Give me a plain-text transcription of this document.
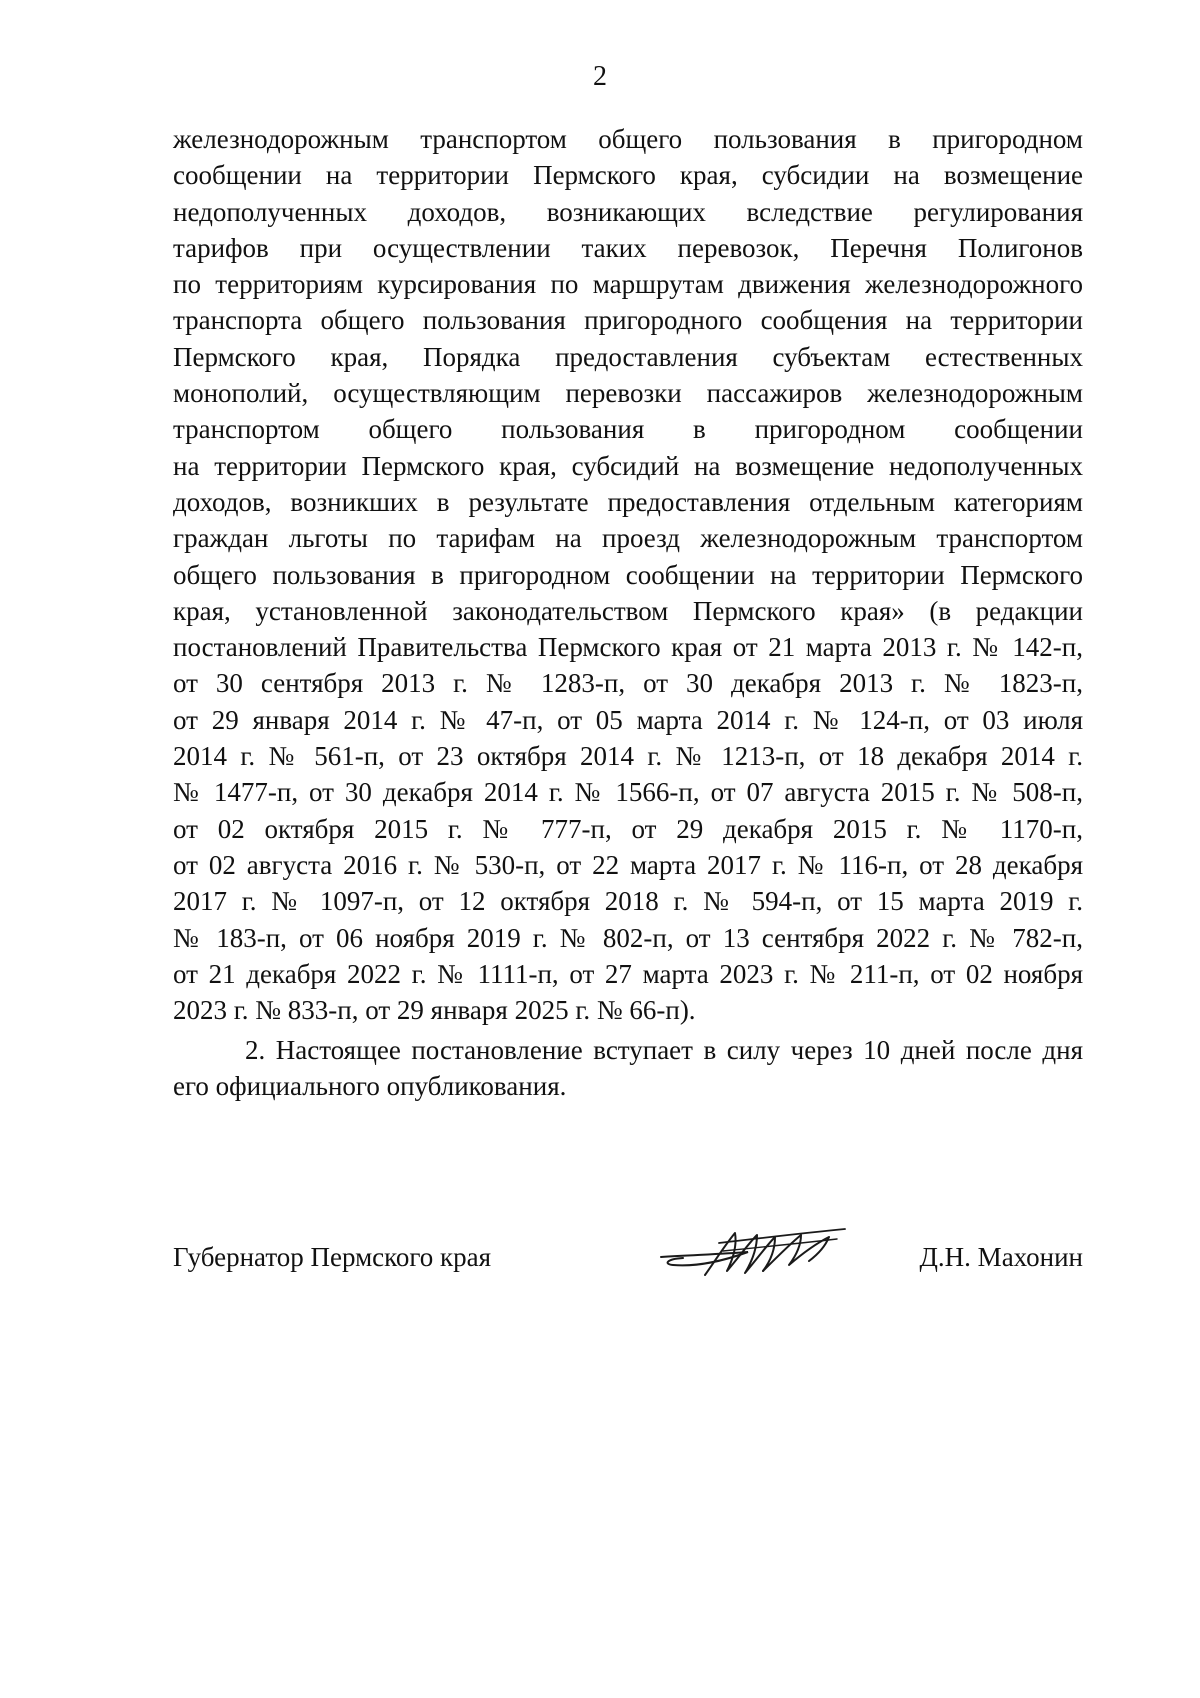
2
железнодорожным транспортом общего пользования в пригородном
сообщении на территории Пермского края, субсидии на возмещение
недополученных доходов, возникающих вследствие регулирования
тарифов при осуществлении таких перевозок, Перечня Полигонов
по территориям курсирования по маршрутам движения железнодорожного
транспорта общего пользования пригородного сообщения на территории
Пермского края, Порядка предоставления субъектам естественных
монополий, осуществляющим перевозки пассажиров железнодорожным
транспортом общего пользования в пригородном сообщении
на территории Пермского края, субсидий на возмещение недополученных
доходов, возникших в результате предоставления отдельным категориям
граждан льготы по тарифам на проезд железнодорожным транспортом
общего пользования в пригородном сообщении на территории Пермского
края, установленной законодательством Пермского края» (в редакции
постановлений Правительства Пермского края от 21 марта 2013 г. № 142-п,
от 30 сентября 2013 г. № 1283-п, от 30 декабря 2013 г. № 1823-п,
от 29 января 2014 г. № 47-п, от 05 марта 2014 г. № 124-п, от 03 июля
2014 г. № 561-п, от 23 октября 2014 г. № 1213-п, от 18 декабря 2014 г.
№ 1477-п, от 30 декабря 2014 г. № 1566-п, от 07 августа 2015 г. № 508-п,
от 02 октября 2015 г. № 777-п, от 29 декабря 2015 г. № 1170-п,
от 02 августа 2016 г. № 530-п, от 22 марта 2017 г. № 116-п, от 28 декабря
2017 г. № 1097-п, от 12 октября 2018 г. № 594-п, от 15 марта 2019 г.
№ 183-п, от 06 ноября 2019 г. № 802-п, от 13 сентября 2022 г. № 782-п,
от 21 декабря 2022 г. № 1111-п, от 27 марта 2023 г. № 211-п, от 02 ноября
2023 г. № 833-п, от 29 января 2025 г. № 66-п).
2. Настоящее постановление вступает в силу через 10 дней после дня
его официального опубликования.
Губернатор Пермского края	Д.Н. Махонин
